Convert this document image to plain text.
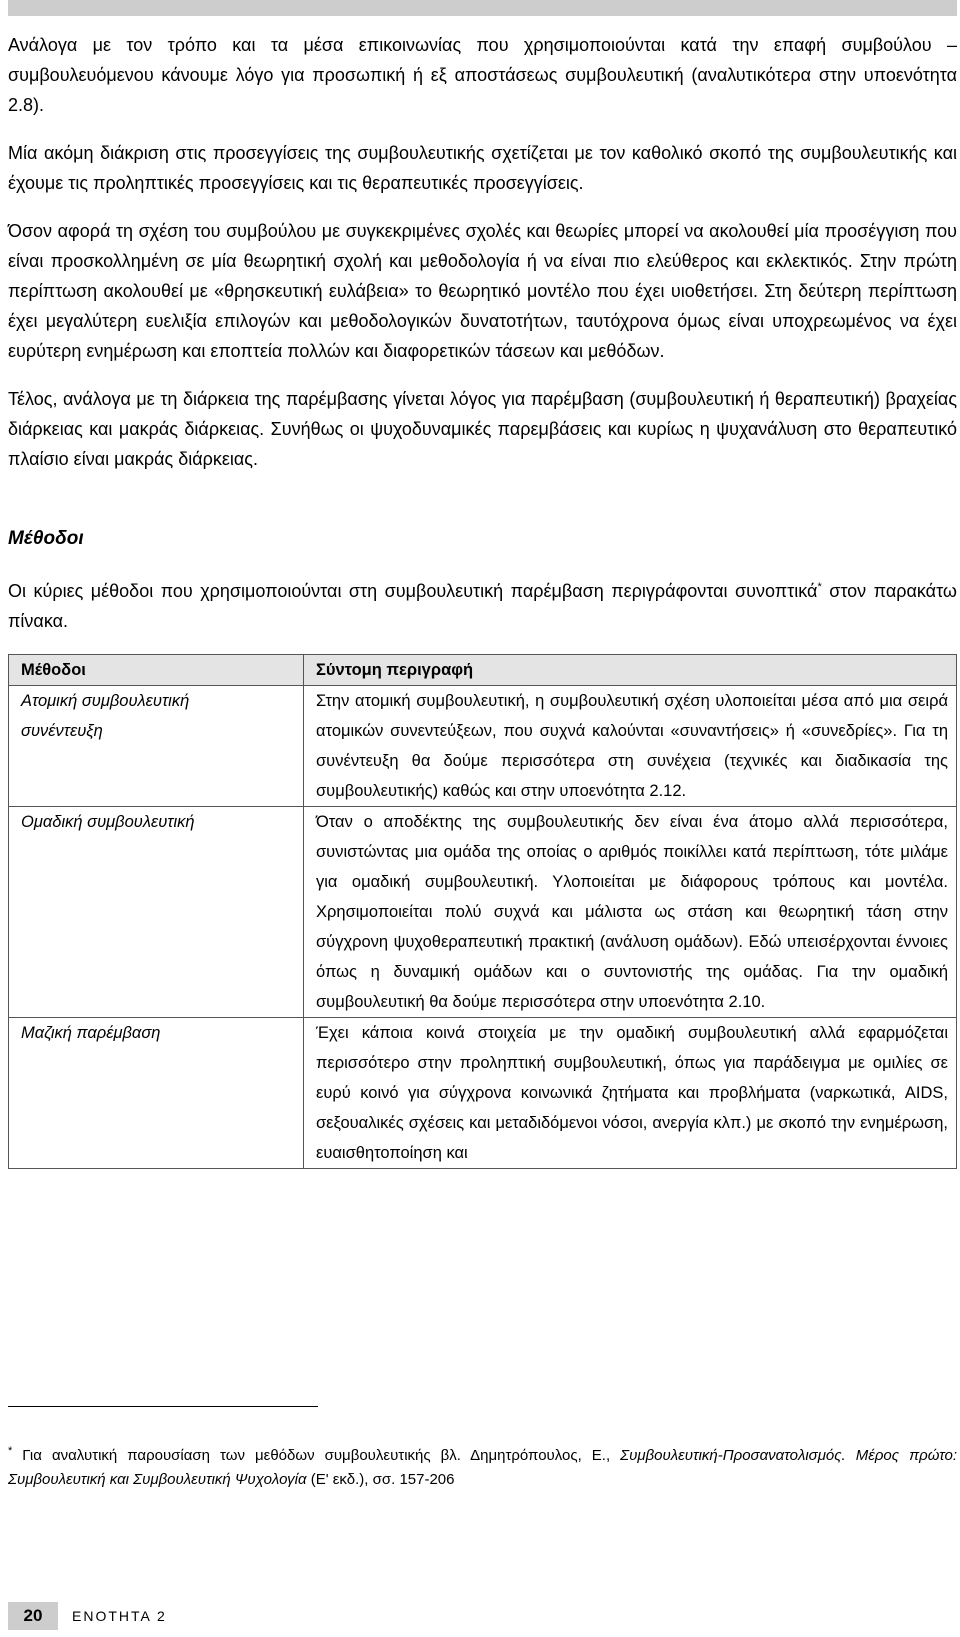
Ανάλογα με τον τρόπο και τα μέσα επικοινωνίας που χρησιμοποιούνται κατά την επαφή συμβούλου – συμβουλευόμενου κάνουμε λόγο για προσωπική ή εξ αποστάσεως συμβουλευτική (αναλυτικότερα στην υποενότητα 2.8).

Μία ακόμη διάκριση στις προσεγγίσεις της συμβουλευτικής σχετίζεται με τον καθολικό σκοπό της συμβουλευτικής και έχουμε τις προληπτικές προσεγγίσεις και τις θεραπευτικές προσεγγίσεις.

Όσον αφορά τη σχέση του συμβούλου με συγκεκριμένες σχολές και θεωρίες μπορεί να ακολουθεί μία προσέγγιση που είναι προσκολλημένη σε μία θεωρητική σχολή και μεθοδολογία ή να είναι πιο ελεύθερος και εκλεκτικός. Στην πρώτη περίπτωση ακολουθεί με «θρησκευτική ευλάβεια» το θεωρητικό μοντέλο που έχει υιοθετήσει. Στη δεύτερη περίπτωση έχει μεγαλύτερη ευελιξία επιλογών και μεθοδολογικών δυνατοτήτων, ταυτόχρονα όμως είναι υποχρεωμένος να έχει ευρύτερη ενημέρωση και εποπτεία πολλών και διαφορετικών τάσεων και μεθόδων.

Τέλος, ανάλογα με τη διάρκεια της παρέμβασης γίνεται λόγος για παρέμβαση (συμβουλευτική ή θεραπευτική) βραχείας διάρκειας και μακράς διάρκειας. Συνήθως οι ψυχοδυναμικές παρεμβάσεις και κυρίως η ψυχανάλυση στο θεραπευτικό πλαίσιο είναι μακράς διάρκειας.

Μέθοδοι

Οι κύριες μέθοδοι που χρησιμοποιούνται στη συμβουλευτική παρέμβαση περιγράφονται συνοπτικά* στον παρακάτω πίνακα.

Μέθοδοι	Σύντομη περιγραφή

Ατομική συμβουλευτική
συνέντευξη	Στην ατομική συμβουλευτική, η συμβουλευτική σχέση υλοποιείται μέσα από μια σειρά ατομικών συνεντεύξεων, που συχνά καλούνται «συναντήσεις» ή «συνεδρίες». Για τη συνέντευξη θα δούμε περισσότερα στη συνέχεια (τεχνικές και διαδικασία της συμβουλευτικής) καθώς και στην υποενότητα 2.12.

Ομαδική συμβουλευτική	Όταν ο αποδέκτης της συμβουλευτικής δεν είναι ένα άτομο αλλά περισσότερα, συνιστώντας μια ομάδα της οποίας ο αριθμός ποικίλλει κατά περίπτωση, τότε μιλάμε για ομαδική συμβουλευτική. Υλοποιείται με διάφορους τρόπους και μοντέλα. Χρησιμοποιείται πολύ συχνά και μάλιστα ως στάση και θεωρητική τάση στην σύγχρονη ψυχοθεραπευτική πρακτική (ανάλυση ομάδων). Εδώ υπεισέρχονται έννοιες όπως η δυναμική ομάδων και ο συντονιστής της ομάδας. Για την ομαδική συμβουλευτική θα δούμε περισσότερα στην υποενότητα 2.10.

Μαζική παρέμβαση	Έχει κάποια κοινά στοιχεία με την ομαδική συμβουλευτική αλλά εφαρμόζεται περισσότερο στην προληπτική συμβουλευτική, όπως για παράδειγμα με ομιλίες σε ευρύ κοινό για σύγχρονα κοινωνικά ζητήματα και προβλήματα (ναρκωτικά, AIDS, σεξουαλικές σχέσεις και μεταδιδόμενοι νόσοι, ανεργία κλπ.) με σκοπό την ενημέρωση, ευαισθητοποίηση και
* Για αναλυτική παρουσίαση των μεθόδων συμβουλευτικής βλ. Δημητρόπουλος, Ε., Συμβουλευτική-Προσανατολισμός. Μέρος πρώτο: Συμβουλευτική και Συμβουλευτική Ψυχολογία (Ε' εκδ.), σσ. 157-206
20	ΕΝΟΤΗΤΑ 2
